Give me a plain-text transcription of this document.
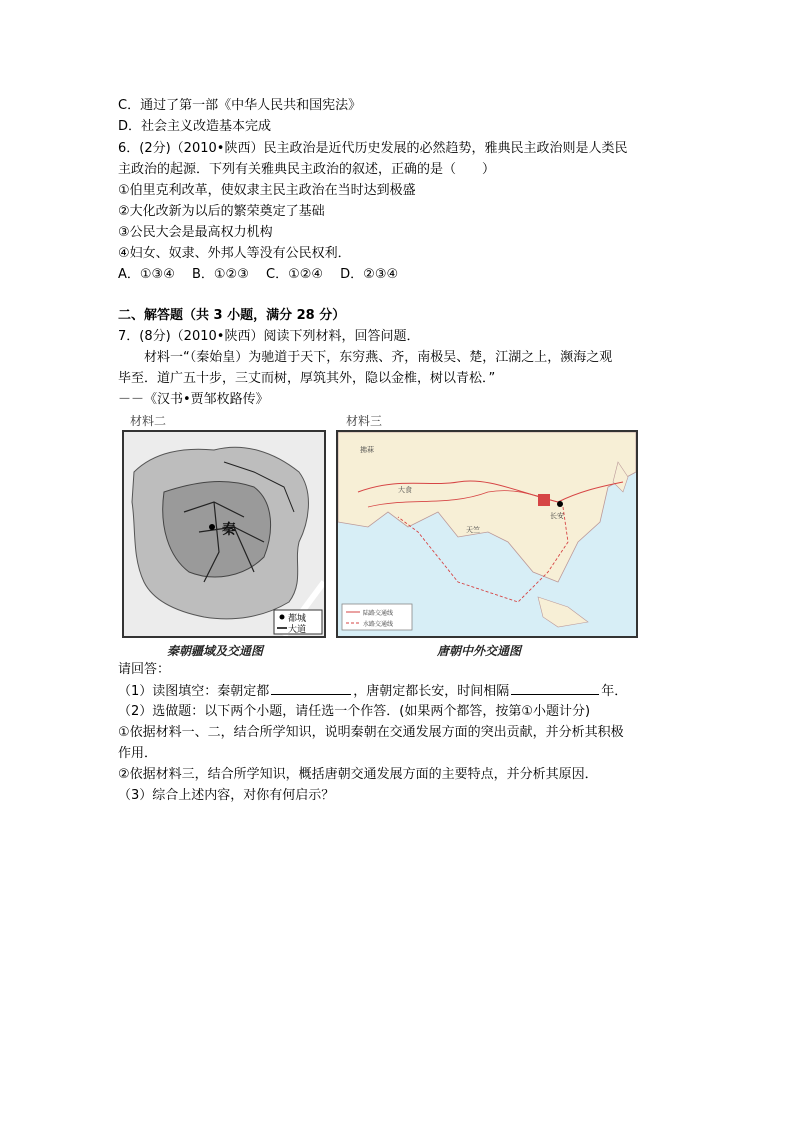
C．通过了第一部《中华人民共和国宪法》
D．社会主义改造基本完成
6．(2分)（2010•陕西）民主政治是近代历史发展的必然趋势，雅典民主政治则是人类民
主政治的起源．下列有关雅典民主政治的叙述，正确的是（　　）
①伯里克利改革，使奴隶主民主政治在当时达到极盛
②大化改新为以后的繁荣奠定了基础
③公民大会是最高权力机构
④妇女、奴隶、外邦人等没有公民权利．
A．①③④　 B．①②③　 C．①②④　 D．②③④
二、解答题（共 3 小题，满分 28 分）
7．(8分)（2010•陕西）阅读下列材料，回答问题．
材料一“（秦始皇）为驰道于天下，东穷燕、齐，南极吴、楚，江湖之上，濒海之观
毕至．道广五十步，三丈而树，厚筑其外，隐以金椎，树以青松．”
－－《汉书•贾邹枚路传》
材料二
秦
都城
大道
秦朝疆域及交通图
材料三
长安
大食
天竺
拂菻
陆路交通线
水路交通线
唐朝中外交通图
请回答：
（1）读图填空：秦朝定都	，唐朝定都长安，时间相隔	年．
（2）选做题：以下两个小题，请任选一个作答．(如果两个都答，按第①小题计分)
①依据材料一、二，结合所学知识，说明秦朝在交通发展方面的突出贡献，并分析其积极
作用．
②依据材料三，结合所学知识，概括唐朝交通发展方面的主要特点，并分析其原因．
（3）综合上述内容，对你有何启示？
